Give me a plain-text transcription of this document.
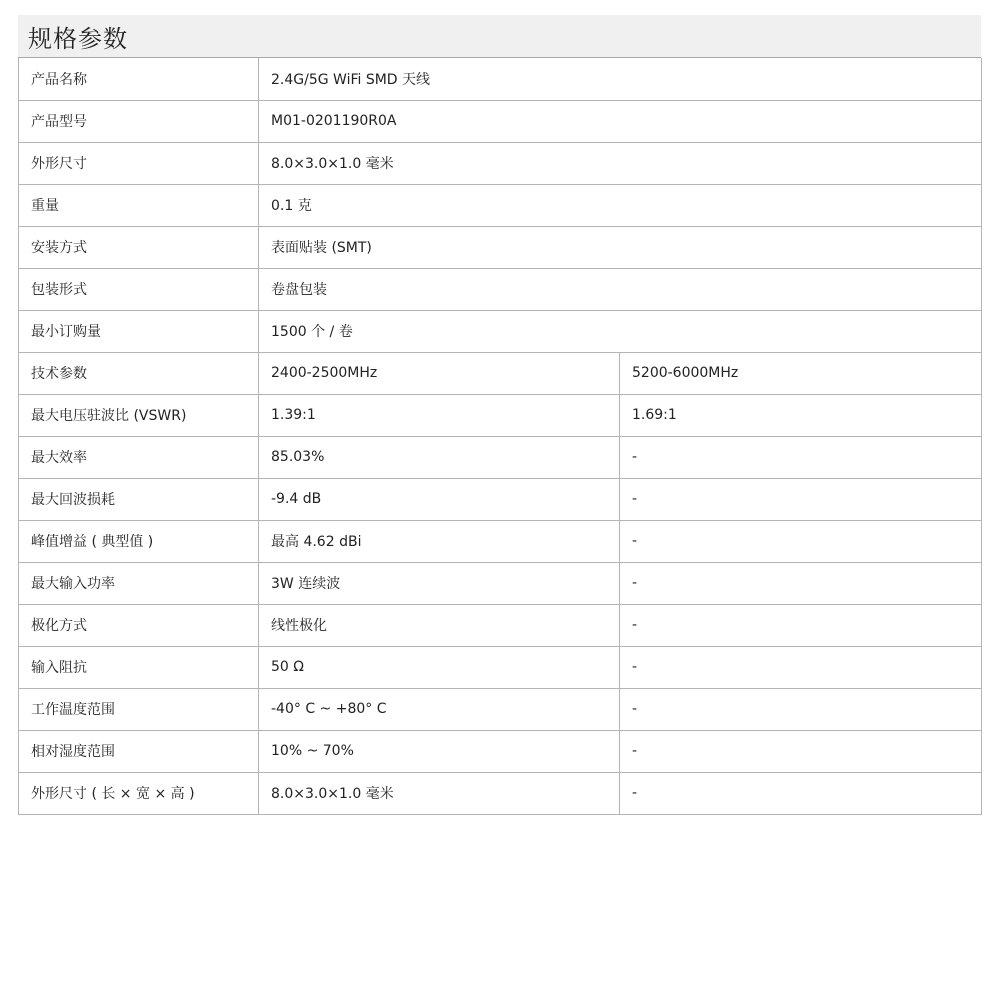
规格参数
产品名称	2.4G/5G WiFi SMD 天线	
产品型号	M01-0201190R0A	
外形尺寸	8.0×3.0×1.0 毫米	
重量	0.1 克	
安装方式	表面贴装 (SMT)	
包装形式	卷盘包装	
最小订购量	1500 个 / 卷	
技术参数	2400-2500MHz	5200-6000MHz
最大电压驻波比 (VSWR)	1.39:1	1.69:1
最大效率	85.03%	-
最大回波损耗	-9.4 dB	-
峰值增益 ( 典型值 )	最高 4.62 dBi	-
最大输入功率	3W 连续波	-
极化方式	线性极化	-
输入阻抗	50 Ω	-
工作温度范围	-40° C ~ +80° C	-
相对湿度范围	10% ~ 70%	-
外形尺寸 ( 长 × 宽 × 高 )	8.0×3.0×1.0 毫米	-
